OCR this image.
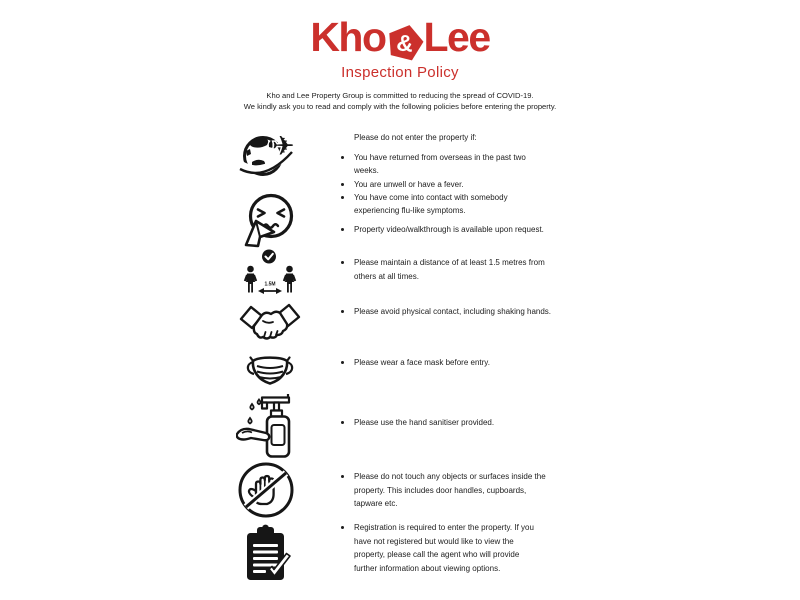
Kho & Lee
Inspection Policy
Kho and Lee Property Group is committed to reducing the spread of COVID-19.
We kindly ask you to read and comply with the following policies before entering the property.
✈
1.5M
Please do not enter the property if:
You have returned from overseas in the past two
weeks.
You are unwell or have a fever.
You have come into contact with somebody
experiencing flu-like symptoms.
Property video/walkthrough is available upon request.
Please maintain a distance of at least 1.5 metres from
others at all times.
Please avoid physical contact, including shaking hands.
Please wear a face mask before entry.
Please use the hand sanitiser provided.
Please do not touch any objects or surfaces inside the
property. This includes door handles, cupboards,
tapware etc.
Registration is required to enter the property. If you
have not registered but would like to view the
property, please call the agent who will provide
further information about viewing options.
